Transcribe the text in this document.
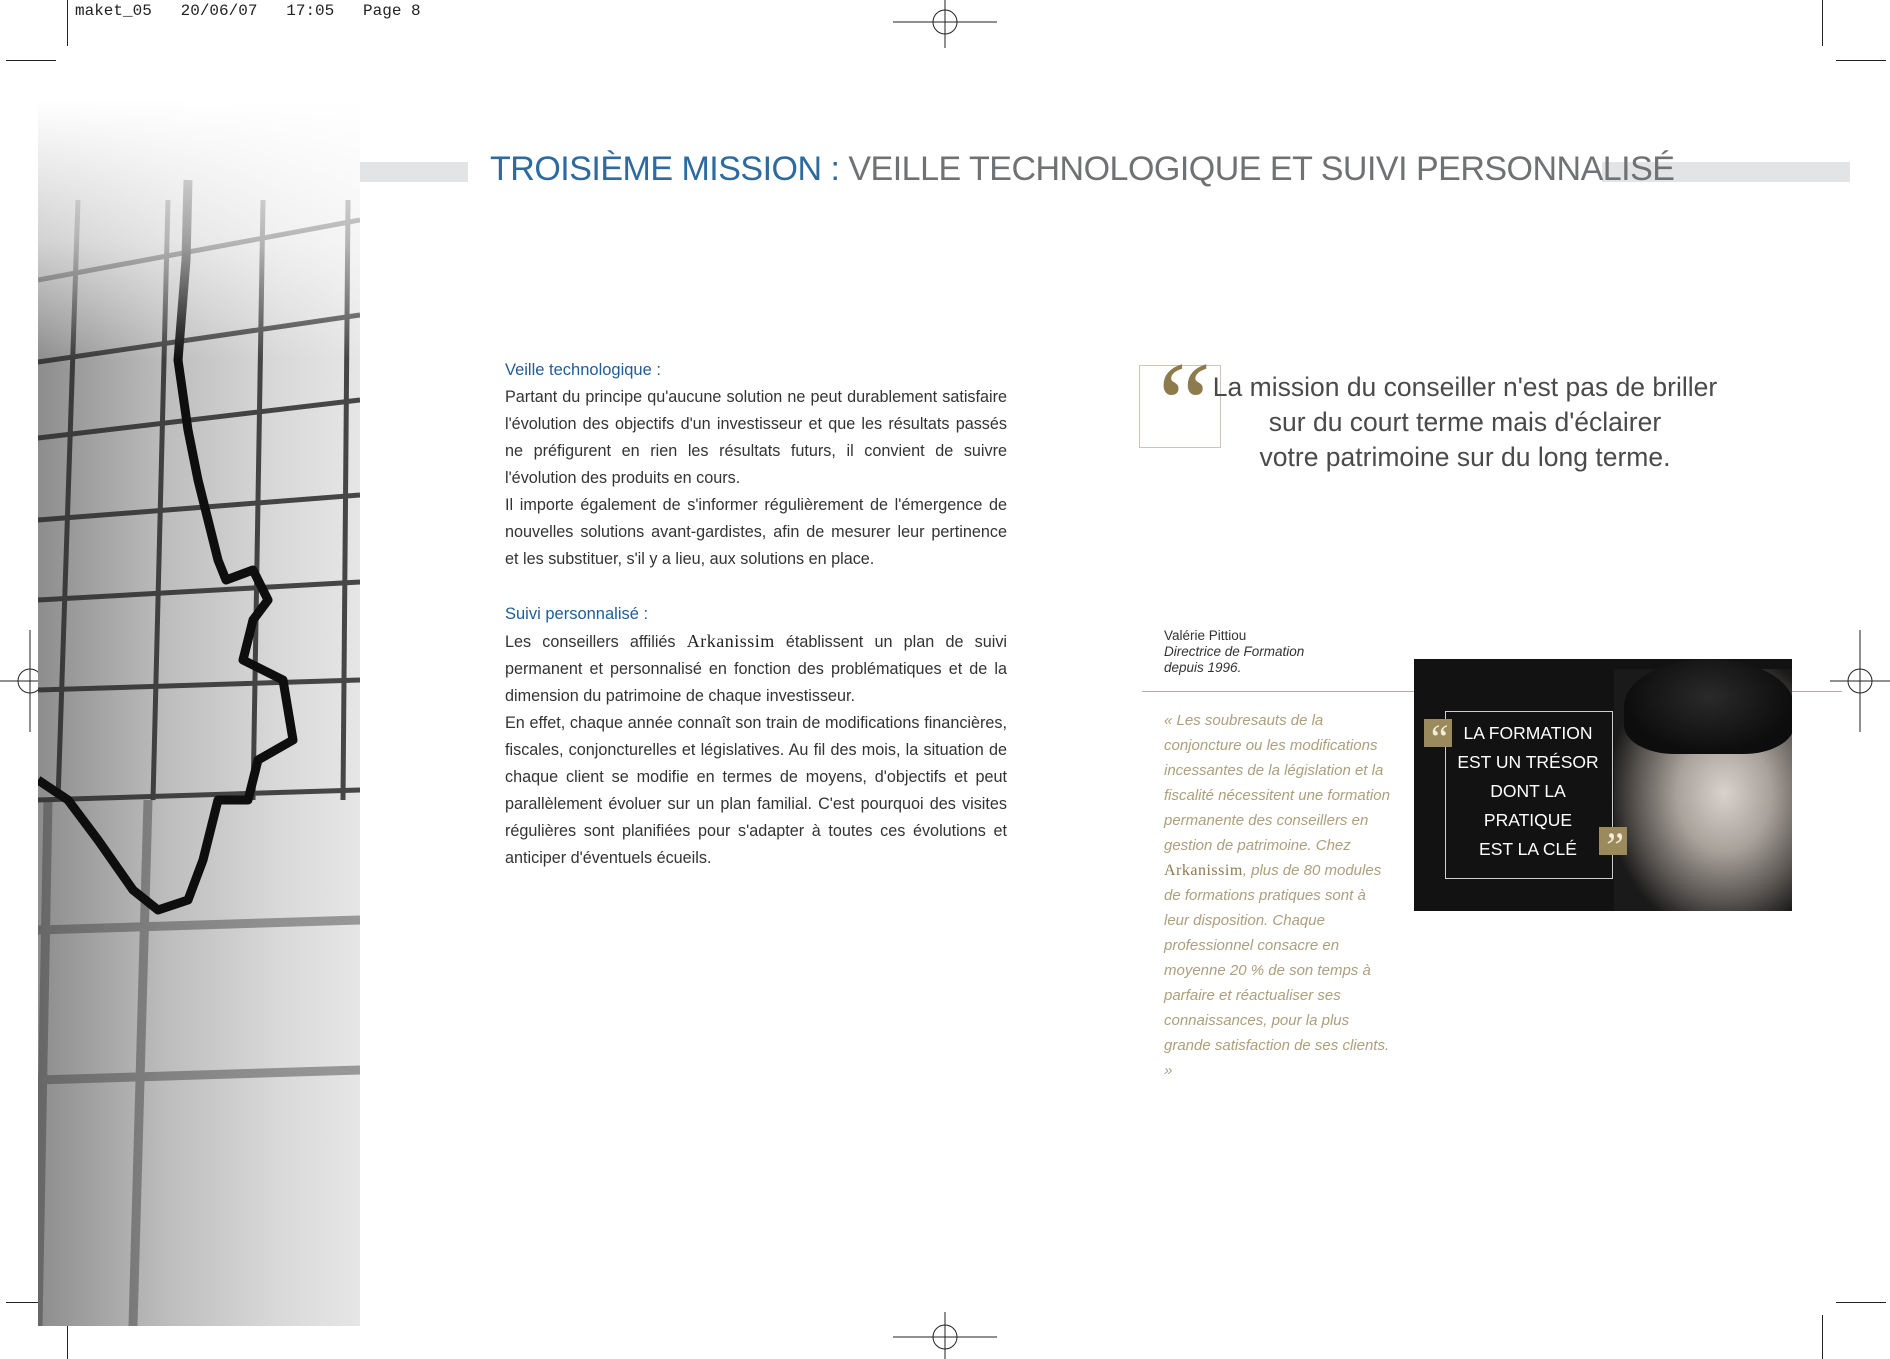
maket_05   20/06/07   17:05   Page 8
TROISIÈME MISSION : VEILLE TECHNOLOGIQUE ET SUIVI PERSONNALISÉ
Veille technologique :

Partant du principe qu'aucune solution ne peut durablement satisfaire l'évolution des objectifs d'un investisseur et que les résultats passés ne préfigurent en rien les résultats futurs, il convient de suivre l'évolution des produits en cours.

Il importe également de s'informer régulièrement de l'émergence de nouvelles solutions avant-gardistes, afin de mesurer leur pertinence et les substituer, s'il y a lieu, aux solutions en place.

Suivi personnalisé :

Les conseillers affiliés Arkanissim établissent un plan de suivi permanent et personnalisé en fonction des problématiques et de la dimension du patrimoine de chaque investisseur.

En effet, chaque année connaît son train de modifications financières, fiscales, conjoncturelles et législatives. Au fil des mois, la situation de chaque client se modifie en termes de moyens, d'objectifs et peut parallèlement évoluer sur un plan familial. C'est pourquoi des visites régulières sont planifiées pour s'adapter à toutes ces évolutions et anticiper d'éventuels écueils.

“ La mission du conseiller n'est pas de briller
sur du court terme mais d'éclairer
votre patrimoine sur du long terme.
Valérie Pittiou
Directrice de Formation
depuis 1996.
« Les soubresauts de la conjoncture ou les modifications incessantes de la législation et la fiscalité nécessitent une formation permanente des conseillers en gestion de patrimoine. Chez Arkanissim, plus de 80 modules de formations pratiques sont à leur disposition. Chaque professionnel consacre en moyenne 20 % de son temps à parfaire et réactualiser ses connaissances, pour la plus grande satisfaction de ses clients. »
“
”
LA FORMATION
EST UN TRÉSOR
DONT LA
PRATIQUE
EST LA CLÉ
